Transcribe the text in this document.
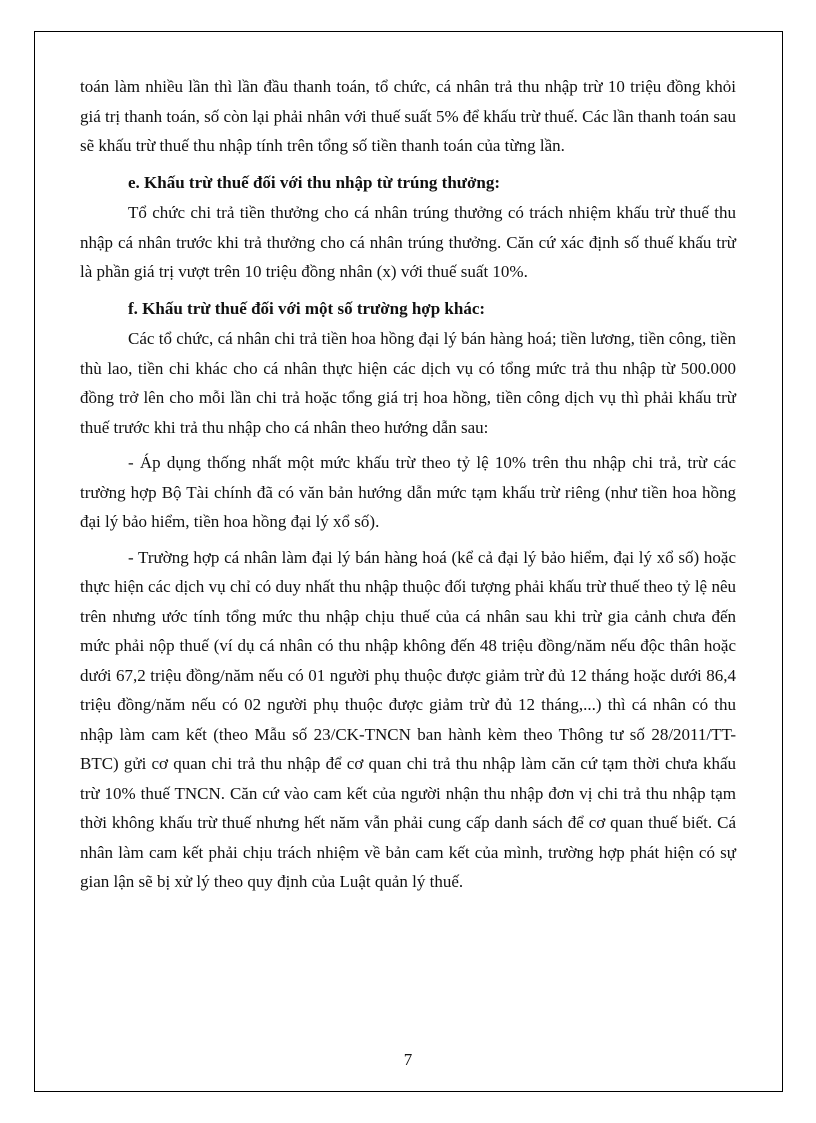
toán làm nhiều lần thì lần đầu thanh toán, tổ chức, cá nhân trả thu nhập trừ 10 triệu đồng khỏi giá trị thanh toán, số còn lại phải nhân với thuế suất 5% để khấu trừ thuế. Các lần thanh toán sau sẽ khấu trừ thuế thu nhập tính trên tổng số tiền thanh toán của từng lần.

e. Khấu trừ thuế đối với thu nhập từ trúng thưởng:

Tổ chức chi trả tiền thưởng cho cá nhân trúng thưởng có trách nhiệm khấu trừ thuế thu nhập cá nhân trước khi trả thưởng cho cá nhân trúng thưởng. Căn cứ xác định số thuế khấu trừ là phần giá trị vượt trên 10 triệu đồng nhân (x) với thuế suất 10%.

f. Khấu trừ thuế đối với một số trường hợp khác:

Các tổ chức, cá nhân chi trả tiền hoa hồng đại lý bán hàng hoá; tiền lương, tiền công, tiền thù lao, tiền chi khác cho cá nhân thực hiện các dịch vụ có tổng mức trả thu nhập từ 500.000 đồng trở lên cho mỗi lần chi trả hoặc tổng giá trị hoa hồng, tiền công dịch vụ thì phải khấu trừ thuế trước khi trả thu nhập cho cá nhân theo hướng dẫn sau:

- Áp dụng thống nhất một mức khấu trừ theo tỷ lệ 10% trên thu nhập chi trả, trừ các trường hợp Bộ Tài chính đã có văn bản hướng dẫn mức tạm khấu trừ riêng (như tiền hoa hồng đại lý bảo hiểm, tiền hoa hồng đại lý xổ số).

- Trường hợp cá nhân làm đại lý bán hàng hoá (kể cả đại lý bảo hiểm, đại lý xổ số) hoặc thực hiện các dịch vụ chỉ có duy nhất thu nhập thuộc đối tượng phải khấu trừ thuế theo tỷ lệ nêu trên nhưng ước tính tổng mức thu nhập chịu thuế của cá nhân sau khi trừ gia cảnh chưa đến mức phải nộp thuế (ví dụ cá nhân có thu nhập không đến 48 triệu đồng/năm nếu độc thân hoặc dưới 67,2 triệu đồng/năm nếu có 01 người phụ thuộc được giảm trừ đủ 12 tháng hoặc dưới 86,4 triệu đồng/năm nếu có 02 người phụ thuộc được giảm trừ đủ 12 tháng,...) thì cá nhân có thu nhập làm cam kết (theo Mẫu số 23/CK-TNCN ban hành kèm theo Thông tư số 28/2011/TT-BTC) gửi cơ quan chi trả thu nhập để cơ quan chi trả thu nhập làm căn cứ tạm thời chưa khấu trừ 10% thuế TNCN. Căn cứ vào cam kết của người nhận thu nhập đơn vị chi trả thu nhập tạm thời không khấu trừ thuế nhưng hết năm vẫn phải cung cấp danh sách để cơ quan thuế biết. Cá nhân làm cam kết phải chịu trách nhiệm về bản cam kết của mình, trường hợp phát hiện có sự gian lận sẽ bị xử lý theo quy định của Luật quản lý thuế.

7
